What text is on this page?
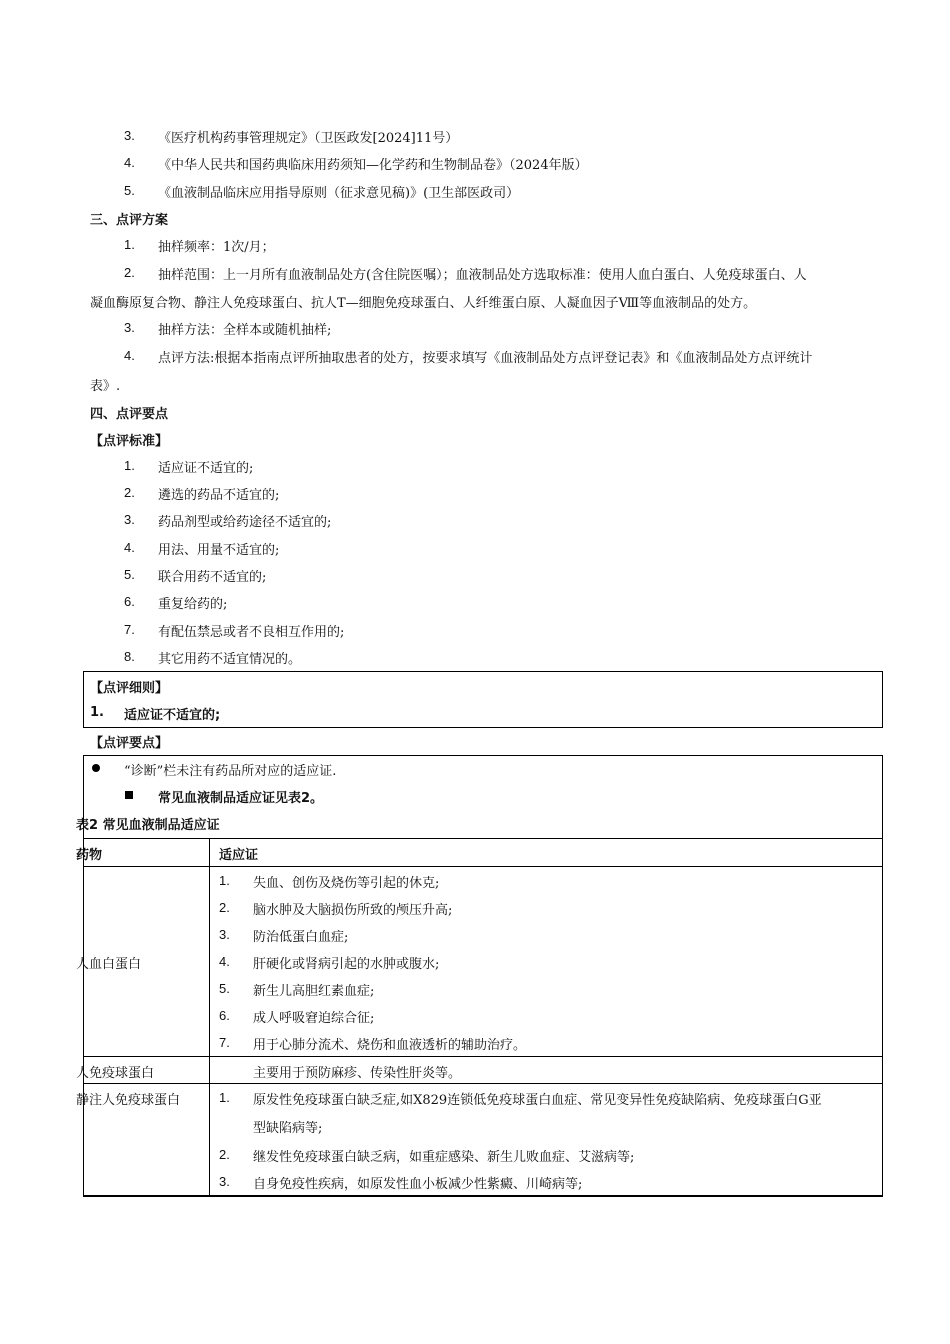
3. 《医疗机构药事管理规定》（卫医政发[2024]11号）
4. 《中华人民共和国药典临床用药须知—化学药和生物制品卷》（2024年版）
5. 《血液制品临床应用指导原则（征求意见稿)》(卫生部医政司）
三、点评方案
1. 抽样频率：1次/月；
2. 抽样范围：上一月所有血液制品处方(含住院医嘱）；血液制品处方选取标准：使用人血白蛋白、人免疫球蛋白、人
凝血酶原复合物、静注人免疫球蛋白、抗人T—细胞免疫球蛋白、人纤维蛋白原、人凝血因子Ⅷ等血液制品的处方。
3. 抽样方法：全样本或随机抽样;
4. 点评方法:根据本指南点评所抽取患者的处方，按要求填写《血液制品处方点评登记表》和《血液制品处方点评统计
表》.
四、点评要点
【点评标准】
1. 适应证不适宜的;
2. 遴选的药品不适宜的;
3. 药品剂型或给药途径不适宜的;
4. 用法、用量不适宜的;
5. 联合用药不适宜的;
6. 重复给药的;
7. 有配伍禁忌或者不良相互作用的;
8. 其它用药不适宜情况的。
【点评细则】
1. 适应证不适宜的;
【点评要点】
“诊断”栏未注有药品所对应的适应证.
常见血液制品适应证见表2。
表2 常见血液制品适应证
药物	适应证
人血白蛋白
1. 失血、创伤及烧伤等引起的休克;
2. 脑水肿及大脑损伤所致的颅压升高;
3. 防治低蛋白血症;
4. 肝硬化或肾病引起的水肿或腹水;
5. 新生儿高胆红素血症;
6. 成人呼吸窘迫综合征;
7. 用于心肺分流术、烧伤和血液透析的辅助治疗。
人免疫球蛋白	主要用于预防麻疹、传染性肝炎等。
静注人免疫球蛋白	1. 原发性免疫球蛋白缺乏症,如X829连锁低免疫球蛋白血症、常见变异性免疫缺陷病、免疫球蛋白G亚
型缺陷病等;
2. 继发性免疫球蛋白缺乏病，如重症感染、新生儿败血症、艾滋病等;
3. 自身免疫性疾病，如原发性血小板减少性紫癜、川崎病等;
